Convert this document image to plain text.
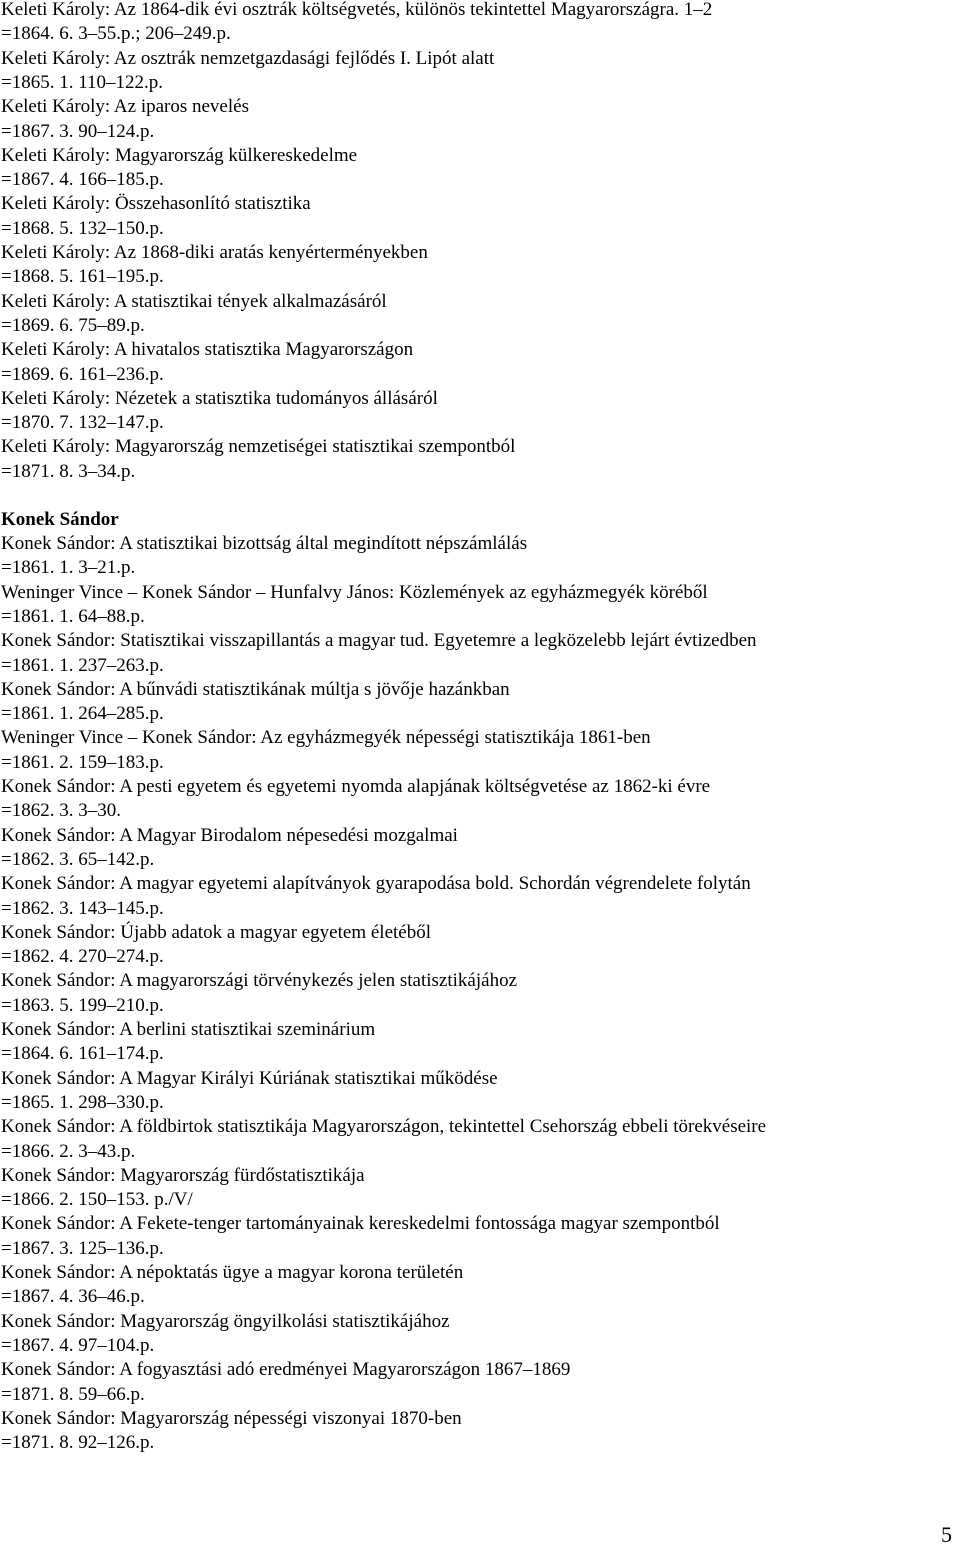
Keleti Károly: Az 1864-dik évi osztrák költségvetés, különös tekintettel Magyarországra. 1–2
=1864. 6. 3–55.p.; 206–249.p.
Keleti Károly: Az osztrák nemzetgazdasági fejlődés I. Lipót alatt
=1865. 1. 110–122.p.
Keleti Károly: Az iparos nevelés
=1867. 3. 90–124.p.
Keleti Károly: Magyarország külkereskedelme
=1867. 4. 166–185.p.
Keleti Károly: Összehasonlító statisztika
=1868. 5. 132–150.p.
Keleti Károly: Az 1868-diki aratás kenyérterményekben
=1868. 5. 161–195.p.
Keleti Károly: A statisztikai tények alkalmazásáról
=1869. 6. 75–89.p.
Keleti Károly: A hivatalos statisztika Magyarországon
=1869. 6. 161–236.p.
Keleti Károly: Nézetek a statisztika tudományos állásáról
=1870. 7. 132–147.p.
Keleti Károly: Magyarország nemzetiségei statisztikai szempontból
=1871. 8. 3–34.p.
Konek Sándor
Konek Sándor: A statisztikai bizottság által megindított népszámlálás
=1861. 1. 3–21.p.
Weninger Vince – Konek Sándor – Hunfalvy János: Közlemények az egyházmegyék köréből
=1861. 1. 64–88.p.
Konek Sándor: Statisztikai visszapillantás a magyar tud. Egyetemre a legközelebb lejárt évtizedben
=1861. 1. 237–263.p.
Konek Sándor: A bűnvádi statisztikának múltja s jövője hazánkban
=1861. 1. 264–285.p.
Weninger Vince – Konek Sándor: Az egyházmegyék népességi statisztikája 1861-ben
=1861. 2. 159–183.p.
Konek Sándor: A pesti egyetem és egyetemi nyomda alapjának költségvetése az 1862-ki évre
=1862. 3. 3–30.
Konek Sándor: A Magyar Birodalom népesedési mozgalmai
=1862. 3. 65–142.p.
Konek Sándor: A magyar egyetemi alapítványok gyarapodása bold. Schordán végrendelete folytán
=1862. 3. 143–145.p.
Konek Sándor: Újabb adatok a magyar egyetem életéből
=1862. 4. 270–274.p.
Konek Sándor: A magyarországi törvénykezés jelen statisztikájához
=1863. 5. 199–210.p.
Konek Sándor: A berlini statisztikai szeminárium
=1864. 6. 161–174.p.
Konek Sándor: A Magyar Királyi Kúriának statisztikai működése
=1865. 1. 298–330.p.
Konek Sándor: A földbirtok statisztikája Magyarországon, tekintettel Csehország ebbeli törekvéseire
=1866. 2. 3–43.p.
Konek Sándor: Magyarország fürdőstatisztikája
=1866. 2. 150–153. p./V/
Konek Sándor: A Fekete-tenger tartományainak kereskedelmi fontossága magyar szempontból
=1867. 3. 125–136.p.
Konek Sándor: A népoktatás ügye a magyar korona területén
=1867. 4. 36–46.p.
Konek Sándor: Magyarország öngyilkolási statisztikájához
=1867. 4. 97–104.p.
Konek Sándor: A fogyasztási adó eredményei Magyarországon 1867–1869
=1871. 8. 59–66.p.
Konek Sándor: Magyarország népességi viszonyai 1870-ben
=1871. 8. 92–126.p.
5
